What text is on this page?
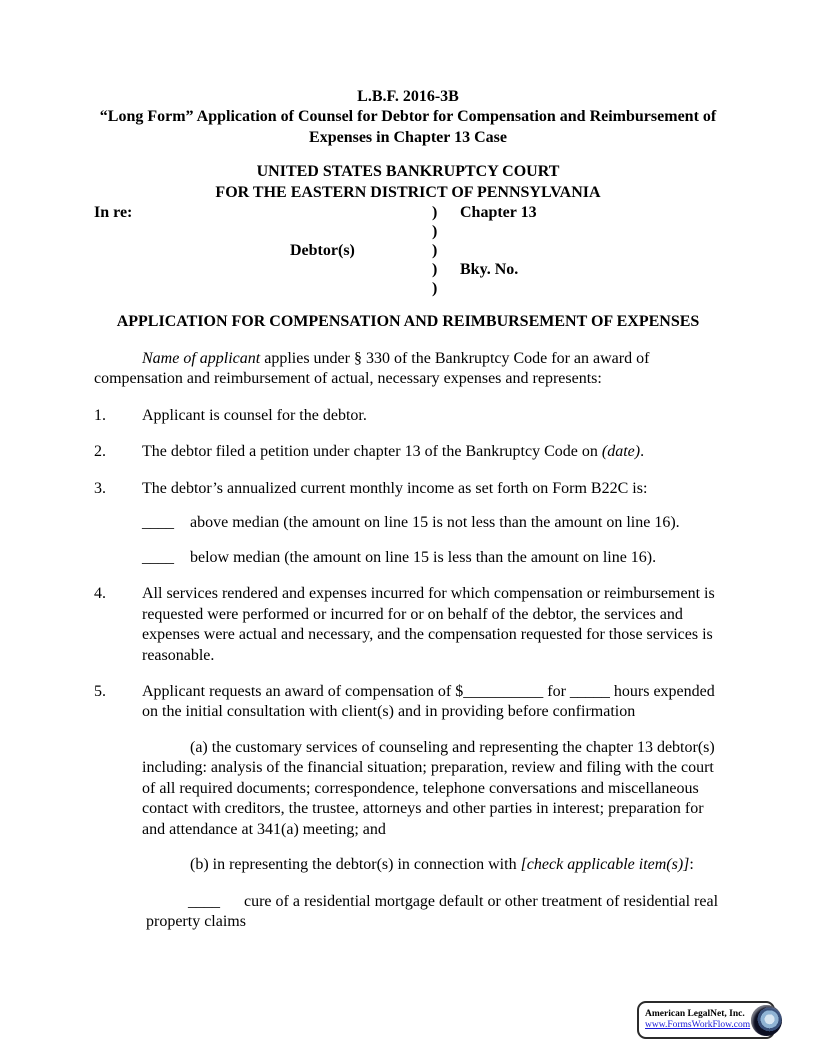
L.B.F. 2016-3B
“Long Form” Application of Counsel for Debtor for Compensation and Reimbursement of
Expenses in Chapter 13 Case
UNITED STATES BANKRUPTCY COURT
FOR THE EASTERN DISTRICT OF PENNSYLVANIA
In re:	)	Chapter 13
)
Debtor(s)	)
)	Bky. No.
)
APPLICATION FOR COMPENSATION AND REIMBURSEMENT OF EXPENSES
Name of applicant applies under § 330 of the Bankruptcy Code for an award of compensation and reimbursement of actual, necessary expenses and represents:
1.	Applicant is counsel for the debtor.
2.	The debtor filed a petition under chapter 13 of the Bankruptcy Code on (date).
3.	The debtor’s annualized current monthly income as set forth on Form B22C is:
____	above median (the amount on line 15 is not less than the amount on line 16).
____	below median (the amount on line 15 is less than the amount on line 16).
4.	All services rendered and expenses incurred for which compensation or reimbursement is requested were performed or incurred for or on behalf of the debtor, the services and expenses were actual and necessary, and the compensation requested for those services is reasonable.
5.	Applicant requests an award of compensation of $__________ for _____ hours expended on the initial consultation with client(s) and in providing before confirmation
(a) the customary services of counseling and representing the chapter 13 debtor(s) including: analysis of the financial situation; preparation, review and filing with the court of all required documents; correspondence, telephone conversations and miscellaneous contact with creditors, the trustee, attorneys and other parties in interest; preparation for and attendance at 341(a) meeting; and
(b) in representing the debtor(s) in connection with [check applicable item(s)]:
____ cure of a residential mortgage default or other treatment of residential real property claims
American LegalNet, Inc.
www.FormsWorkFlow.com
